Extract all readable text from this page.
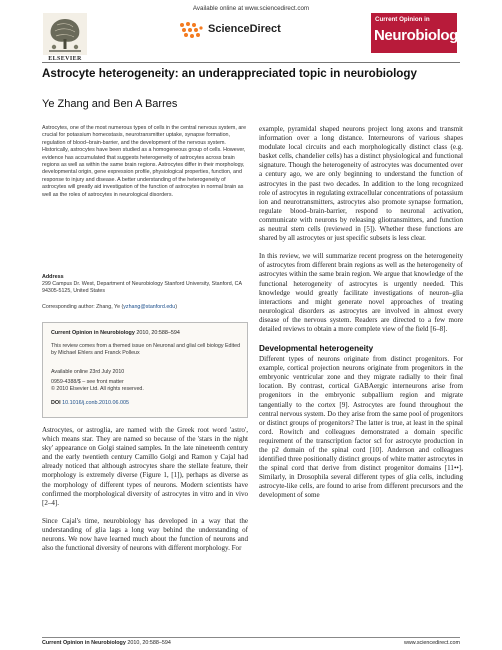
Available online at www.sciencedirect.com
ELSEVIER
ScienceDirect
Current Opinion in
Neurobiology
Astrocyte heterogeneity: an underappreciated topic in neurobiology
Ye Zhang and Ben A Barres
Astrocytes, one of the most numerous types of cells in the central nervous system, are crucial for potassium homeostasis, neurotransmitter uptake, synapse formation, regulation of blood–brain-barrier, and the development of the nervous system. Historically, astrocytes have been studied as a homogeneous group of cells. However, evidence has accumulated that suggests heterogeneity of astrocytes across brain regions as well as within the same brain regions. Astrocytes differ in their morphology, developmental origin, gene expression profile, physiological properties, function, and response to injury and disease. A better understanding of the heterogeneity of astrocytes will greatly aid investigation of the function of astrocytes in normal brain as well as the roles of astrocytes in neurological disorders.
Address
299 Campus Dr. West, Department of Neurobiology Stanford University, Stanford, CA 94305-5125, United States
Corresponding author: Zhang, Ye (yzhang@stanford.edu)
Current Opinion in Neurobiology 2010, 20:588–594
This review comes from a themed issue on Neuronal and glial cell biology Edited by Michael Ehlers and Franck Polleux
Available online 23rd July 2010
0959-4388/$ – see front matter
© 2010 Elsevier Ltd. All rights reserved.
DOI 10.1016/j.conb.2010.06.005

Astrocytes, or astroglia, are named with the Greek root word 'astro', which means star. They are named so because of the 'stars in the night sky' appearance on Golgi stained samples. In the late nineteenth century and the early twentieth century Camillo Golgi and Ramon y Cajal had already noticed that although astrocytes share the stellate feature, their morphology is extremely diverse (Figure 1, [1]), perhaps as diverse as the morphology of different types of neurons. Modern scientists have confirmed the morphological diversity of astrocytes in vitro and in vivo [2–4].

Since Cajal's time, neurobiology has developed in a way that the understanding of glia lags a long way behind the understanding of neurons. We now have learned much about the function of neurons and also the functional diversity of neurons with different morphology. For

example, pyramidal shaped neurons project long axons and transmit information over a long distance. Interneurons of various shapes modulate local circuits and each morphologically distinct class (e.g. basket cells, chandelier cells) has a distinct physiological and functional signature. Though the heterogeneity of astrocytes was documented over a century ago, we are only beginning to understand the function of astrocytes in the past two decades. In addition to the long recognized role of astrocytes in regulating extracellular concentrations of potassium ion and neurotransmitters, astrocytes also promote synapse formation, regulate blood–brain-barrier, respond to neuronal activation, communicate with neurons by releasing gliotransmitters, and function as neutral stem cells (reviewed in [5]). Whether these functions are shared by all astrocytes or just specific subsets is less clear.

In this review, we will summarize recent progress on the heterogeneity of astrocytes from different brain regions as well as the heterogeneity of astrocytes within the same brain region. We argue that knowledge of the functional heterogeneity of astrocytes is urgently needed. This knowledge would greatly facilitate investigations of neuron–glia interactions and might generate novel approaches of treating neurological disorders as astrocytes are involved in almost every disease of the nervous system. Readers are directed to a few more detailed reviews to obtain a more complete view of the field [6–8].

Developmental heterogeneity

Different types of neurons originate from distinct progenitors. For example, cortical projection neurons originate from progenitors in the embryonic ventricular zone and they migrate radially to their final location. By contrast, cortical GABAergic interneurons arise from progenitors in the embryonic subpallium region and migrate tangentially to the cortex [9]. Astrocytes are found throughout the central nervous system. Do they arise from the same pool of progenitors or distinct groups of progenitors? The latter is true, at least in the spinal cord. Rowitch and colleagues demonstrated a domain specific requirement of the transcription factor scl for astrocyte production in the p2 domain of the spinal cord [10]. Anderson and colleagues identified three positionally distinct groups of white matter astrocytes in the spinal cord that derive from distinct progenitor domains [11••]. Similarly, in Drosophila several different types of glia cells, including astrocyte-like cells, are found to arise from different precursors and the development of some

Current Opinion in Neurobiology 2010, 20:588–594	www.sciencedirect.com
